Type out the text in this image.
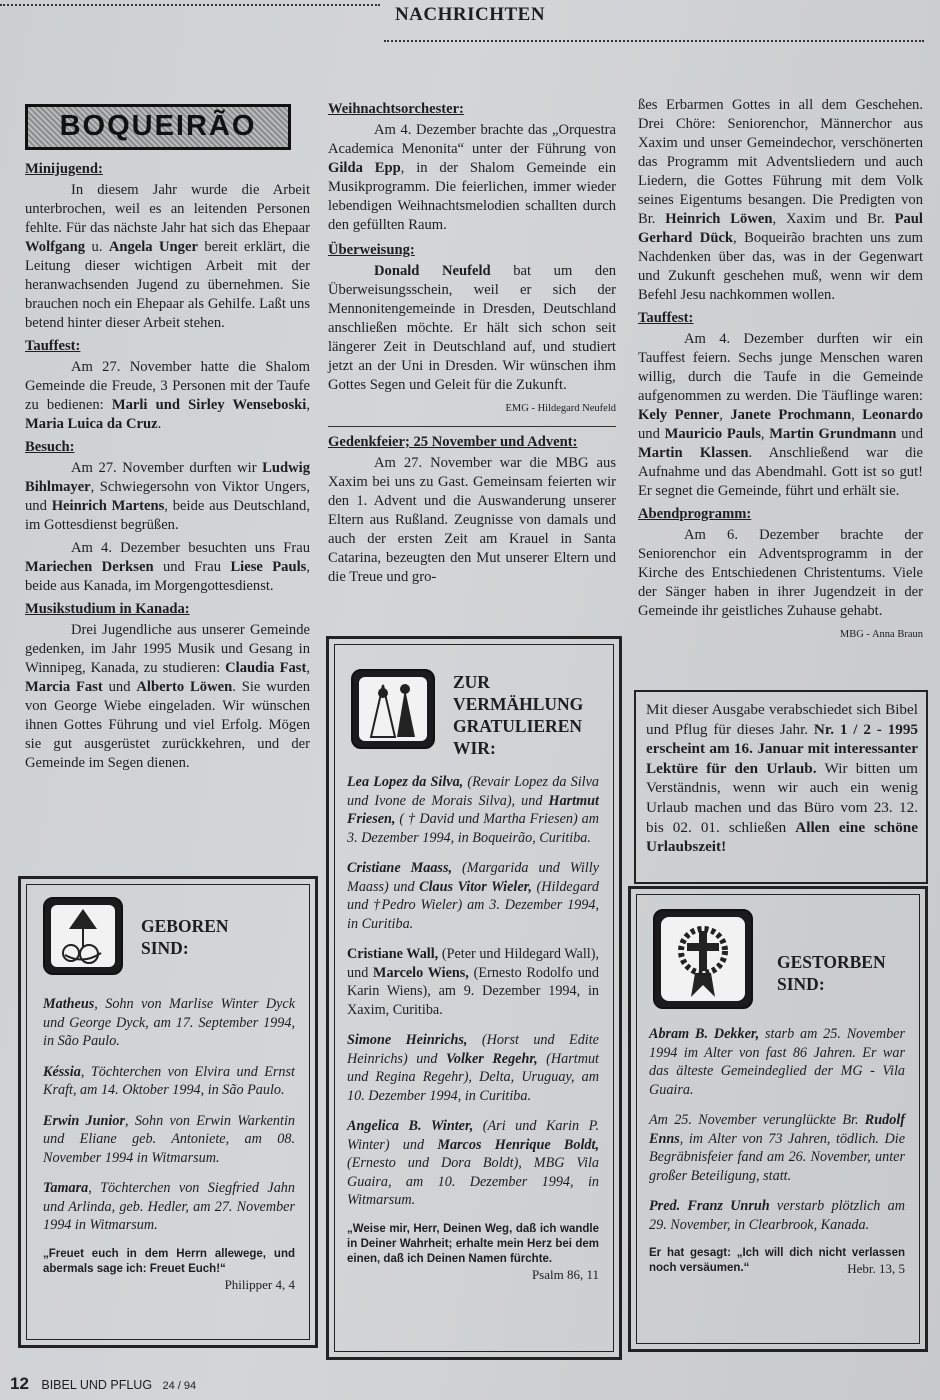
NACHRICHTEN
BOQUEIRÃO
Minijugend:

In diesem Jahr wurde die Arbeit unterbrochen, weil es an leitenden Personen fehlte. Für das nächste Jahr hat sich das Ehepaar Wolfgang u. Angela Unger bereit erklärt, die Leitung dieser wichtigen Arbeit mit der heranwachsenden Jugend zu übernehmen. Sie brauchen noch ein Ehepaar als Gehilfe. Laßt uns betend hinter dieser Arbeit stehen.

Tauffest:

Am 27. November hatte die Shalom Gemeinde die Freude, 3 Personen mit der Taufe zu bedienen: Marli und Sirley Wenseboski, Maria Luica da Cruz.

Besuch:

Am 27. November durften wir Ludwig Bihlmayer, Schwiegersohn von Viktor Ungers, und Heinrich Martens, beide aus Deutschland, im Gottesdienst begrüßen.

Am 4. Dezember besuchten uns Frau Mariechen Derksen und Frau Liese Pauls, beide aus Kanada, im Morgengottesdienst.

Musikstudium in Kanada:

Drei Jugendliche aus unserer Gemeinde gedenken, im Jahr 1995 Musik und Gesang in Winnipeg, Kanada, zu studieren: Claudia Fast, Marcia Fast und Alberto Löwen. Sie wurden von George Wiebe eingeladen. Wir wünschen ihnen Gottes Führung und viel Erfolg. Mögen sie gut ausgerüstet zurückkehren, und der Gemeinde im Segen dienen.

Weihnachtsorchester:

Am 4. Dezember brachte das „Orquestra Academica Menonita“ unter der Führung von Gilda Epp, in der Shalom Gemeinde ein Musikprogramm. Die feierlichen, immer wieder lebendigen Weihnachtsmelodien schallten durch den gefüllten Raum.

Überweisung:

Donald Neufeld bat um den Überweisungsschein, weil er sich der Mennonitengemeinde in Dresden, Deutschland anschließen möchte. Er hält sich schon seit längerer Zeit in Deutschland auf, und studiert jetzt an der Uni in Dresden. Wir wünschen ihm Gottes Segen und Geleit für die Zukunft.

EMG - Hildegard Neufeld
Gedenkfeier; 25 November und Advent:

Am 27. November war die MBG aus Xaxim bei uns zu Gast. Gemeinsam feierten wir den 1. Advent und die Auswanderung unserer Eltern aus Rußland. Zeugnisse von damals und auch der ersten Zeit am Krauel in Santa Catarina, bezeugten den Mut unserer Eltern und die Treue und gro-

ßes Erbarmen Gottes in all dem Geschehen. Drei Chöre: Seniorenchor, Männerchor aus Xaxim und unser Gemeindechor, verschönerten das Programm mit Adventsliedern und auch Liedern, die Gottes Führung mit dem Volk seines Eigentums besangen. Die Predigten von Br. Heinrich Löwen, Xaxim und Br. Paul Gerhard Dück, Boqueirão brachten uns zum Nachdenken über das, was in der Gegenwart und Zukunft geschehen muß, wenn wir dem Befehl Jesu nachkommen wollen.

Tauffest:

Am 4. Dezember durften wir ein Tauffest feiern. Sechs junge Menschen waren willig, durch die Taufe in die Gemeinde aufgenommen zu werden. Die Täuflinge waren: Kely Penner, Janete Prochmann, Leonardo und Mauricio Pauls, Martin Grundmann und Martin Klassen. Anschließend war die Aufnahme und das Abendmahl. Gott ist so gut! Er segnet die Gemeinde, führt und erhält sie.

Abendprogramm:

Am 6. Dezember brachte der Seniorenchor ein Adventsprogramm in der Kirche des Entschiedenen Christentums. Viele der Sänger haben in ihrer Jugendzeit in der Gemeinde ihr geistliches Zuhause gehabt.

MBG - Anna Braun
Mit dieser Ausgabe verabschiedet sich Bibel und Pflug für dieses Jahr. Nr. 1 / 2 - 1995 erscheint am 16. Januar mit interessanter Lektüre für den Urlaub. Wir bitten um Verständnis, wenn wir auch ein wenig Urlaub machen und das Büro vom 23. 12. bis 02. 01. schließen Allen eine schöne Urlaubszeit!
GEBOREN
SIND:

Matheus, Sohn von Marlise Winter Dyck und George Dyck, am 17. September 1994, in São Paulo.

Késsia, Töchterchen von Elvira und Ernst Kraft, am 14. Oktober 1994, in São Paulo.

Erwin Junior, Sohn von Erwin Warkentin und Eliane geb. Antoniete, am 08. November 1994 in Witmarsum.

Tamara, Töchterchen von Siegfried Jahn und Arlinda, geb. Hedler, am 27. November 1994 in Witmarsum.

„Freuet euch in dem Herrn allewege, und abermals sage ich: Freuet Euch!“

Philipper 4, 4
ZUR
VERMÄHLUNG
GRATULIEREN
WIR:

Lea Lopez da Silva, (Revair Lopez da Silva und Ivone de Morais Silva), und Hartmut Friesen, ( † David und Martha Friesen) am 3. Dezember 1994, in Boqueirão, Curitiba.

Cristiane Maass, (Margarida und Willy Maass) und Claus Vitor Wieler, (Hildegard und †Pedro Wieler) am 3. Dezember 1994, in Curitiba.

Cristiane Wall, (Peter und Hildegard Wall), und Marcelo Wiens, (Ernesto Rodolfo und Karin Wiens), am 9. Dezember 1994, in Xaxim, Curitiba.

Simone Heinrichs, (Horst und Edite Heinrichs) und Volker Regehr, (Hartmut und Regina Regehr), Delta, Uruguay, am 10. Dezember 1994, in Curitiba.

Angelica B. Winter, (Ari und Karin P. Winter) und Marcos Henrique Boldt, (Ernesto und Dora Boldt), MBG Vila Guaira, am 10. Dezember 1994, in Witmarsum.

„Weise mir, Herr, Deinen Weg, daß ich wandle in Deiner Wahrheit; erhalte mein Herz bei dem einen, daß ich Deinen Namen fürchte.
Psalm 86, 11
GESTORBEN
SIND:

Abram B. Dekker, starb am 25. November 1994 im Alter von fast 86 Jahren. Er war das älteste Gemeindeglied der MG - Vila Guaira.

Am 25. November verunglückte Br. Rudolf Enns, im Alter von 73 Jahren, tödlich. Die Begräbnisfeier fand am 26. November, unter großer Beteiligung, statt.

Pred. Franz Unruh verstarb plötzlich am 29. November, in Clearbrook, Kanada.

Er hat gesagt: „Ich will dich nicht verlassen noch versäumen.“	Hebr. 13, 5
12 BIBEL UND PFLUG 24 / 94
